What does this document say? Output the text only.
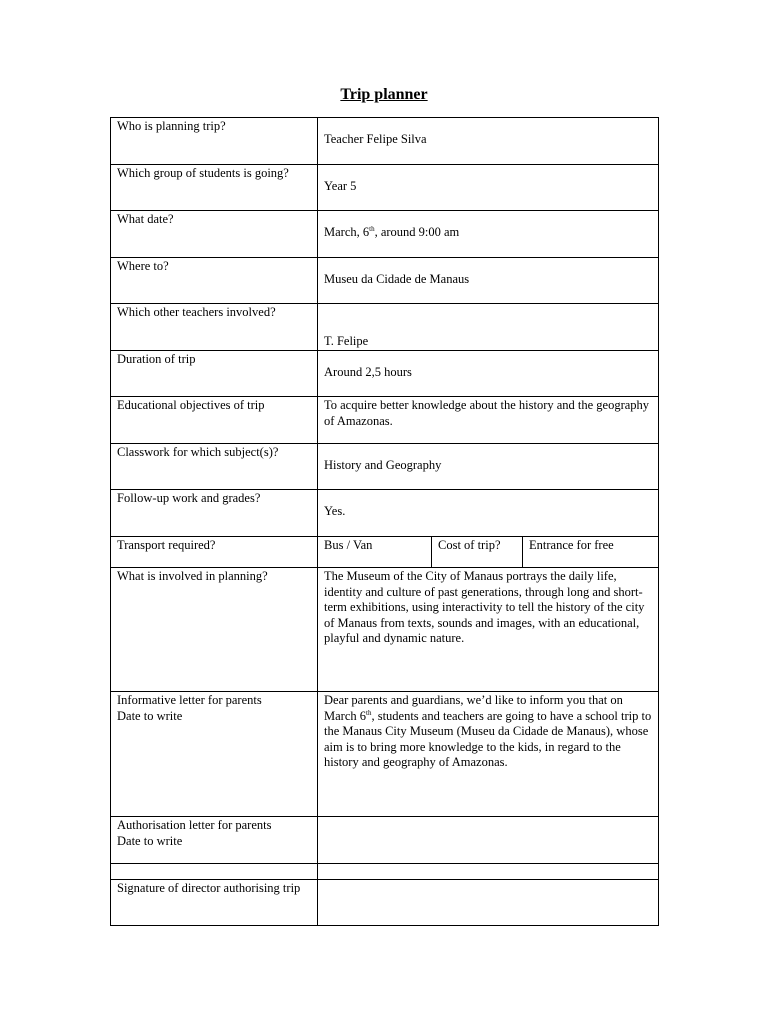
Trip planner
Who is planning trip?	Teacher Felipe Silva		
Which group of students is going?	Year 5		
What date?	March, 6th, around 9:00 am		
Where to?	Museu da Cidade de Manaus		
Which other teachers involved?	T. Felipe		
Duration of trip	Around 2,5 hours		
Educational objectives of trip	To acquire better knowledge about the history and the geography of Amazonas.		
Classwork for which subject(s)?	History and Geography		
Follow-up work and grades?	Yes.		
Transport required?	Bus / Van	Cost of trip?	Entrance for free
What is involved in planning?	The Museum of the City of Manaus portrays the daily life, identity and culture of past generations, through long and short-term exhibitions, using interactivity to tell the history of the city of Manaus from texts, sounds and images, with an educational, playful and dynamic nature.		

Informative letter for parents
Date to write	Dear parents and guardians, we’d like to inform you that on March 6th, students and teachers are going to have a school trip to the Manaus City Museum (Museu da Cidade de Manaus), whose aim is to bring more knowledge to the kids, in regard to the history and geography of Amazonas.		

Authorisation letter for parents
Date to write			

Signature of director authorising trip			
